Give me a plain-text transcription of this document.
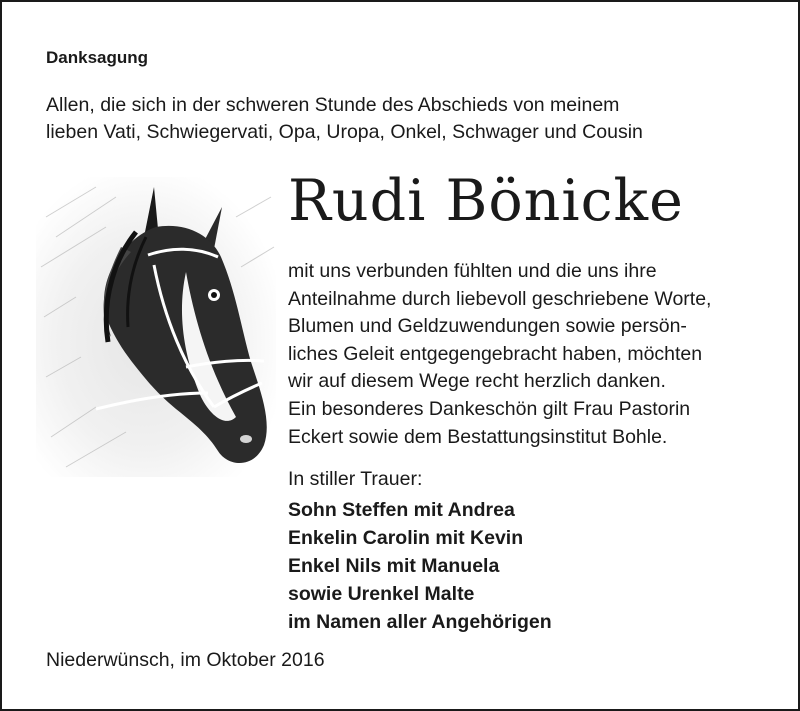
Danksagung
Allen, die sich in der schweren Stunde des Abschieds von meinem
lieben Vati, Schwiegervati, Opa, Uropa, Onkel, Schwager und Cousin
Rudi Bönicke
mit uns verbunden fühlten und die uns ihre
Anteilnahme durch liebevoll geschriebene Worte,
Blumen und Geldzuwendungen sowie persön-
liches Geleit entgegengebracht haben, möchten
wir auf diesem Wege recht herzlich danken.
Ein besonderes Dankeschön gilt Frau Pastorin
Eckert sowie dem Bestattungsinstitut Bohle.
In stiller Trauer:
Sohn Steffen mit Andrea
Enkelin Carolin mit Kevin
Enkel Nils mit Manuela
sowie Urenkel Malte
im Namen aller Angehörigen
Niederwünsch, im Oktober 2016
